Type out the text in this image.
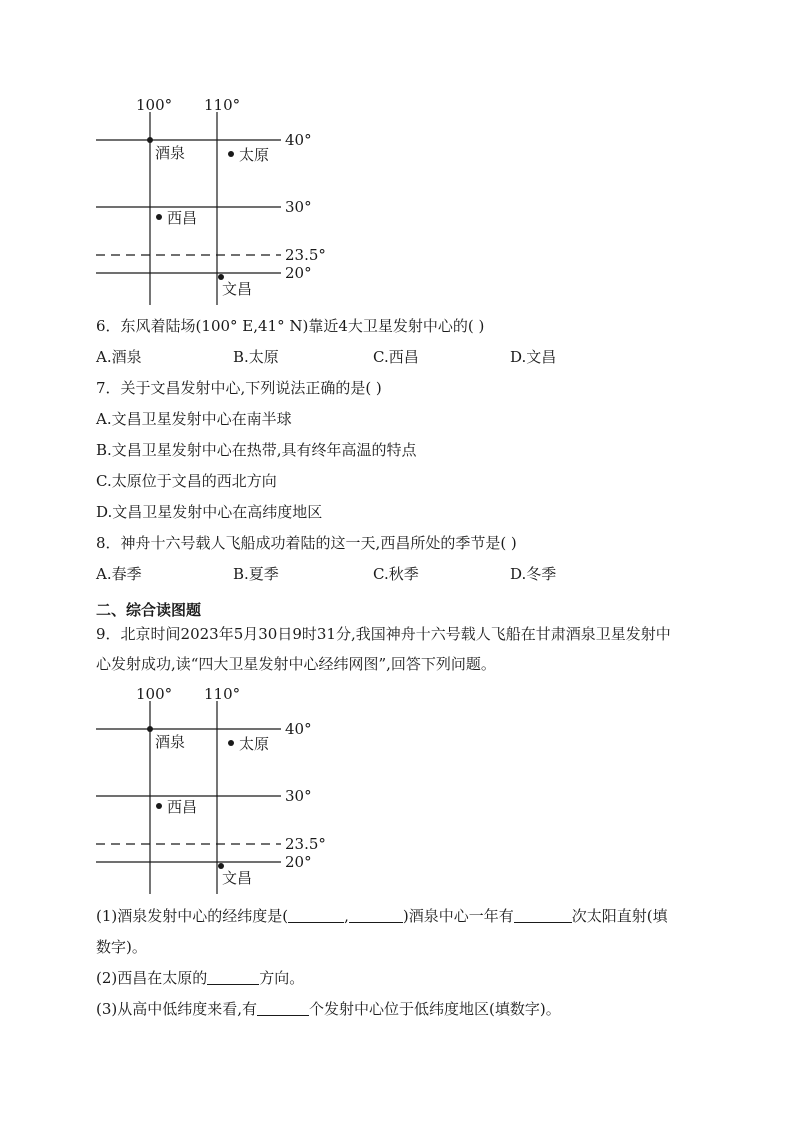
100° 110°
40°
30°
23.5°
20°
酒泉	太原
西昌
文昌
6．东风着陆场(100° E,41° N)靠近4大卫星发射中心的( )
A.酒泉	B.太原	C.西昌	D.文昌
7．关于文昌发射中心,下列说法正确的是( )
A.文昌卫星发射中心在南半球
B.文昌卫星发射中心在热带,具有终年高温的特点
C.太原位于文昌的西北方向
D.文昌卫星发射中心在高纬度地区
8．神舟十六号载人飞船成功着陆的这一天,西昌所处的季节是( )
A.春季	B.夏季	C.秋季	D.冬季
二、综合读图题
9．北京时间2023年5月30日9时31分,我国神舟十六号载人飞船在甘肃酒泉卫星发射中
心发射成功,读“四大卫星发射中心经纬网图”,回答下列问题。
100° 110°
40°
30°
23.5°
20°
酒泉	太原
西昌
文昌
(1)酒泉发射中心的经纬度是(	,	)酒泉中心一年有	次太阳直射(填
数字)。
(2)西昌在太原的	方向。
(3)从高中低纬度来看,有	个发射中心位于低纬度地区(填数字)。
